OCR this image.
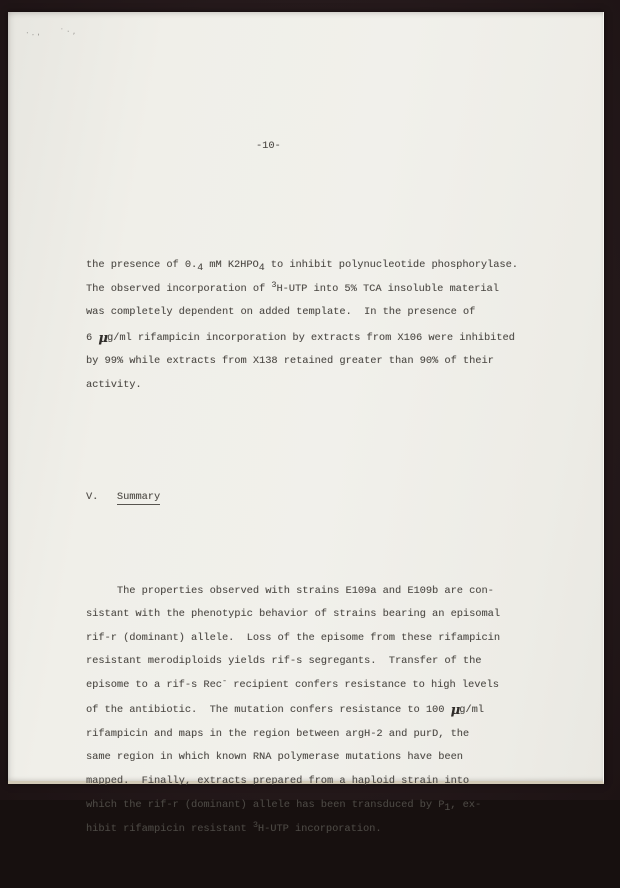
·.‚ ˙·,

-10-

the presence of 0.4 mM K2HPO4 to inhibit polynucleotide phosphorylase.
The observed incorporation of $^3$H-UTP into 5% TCA insoluble material
was completely dependent on added template.  In the presence of
6 μg/ml rifampicin incorporation by extracts from X106 were inhibited
by 99% while extracts from X138 retained greater than 90% of their
activity.

V.   Summary

The properties observed with strains E109a and E109b are con-
sistant with the phenotypic behavior of strains bearing an episomal
rif-r (dominant) allele.  Loss of the episome from these rifampicin
resistant merodiploids yields rif-s segregants.  Transfer of the
episome to a rif-s Rec- recipient confers resistance to high levels
of the antibiotic.  The mutation confers resistance to 100 μg/ml
rifampicin and maps in the region between argH-2 and purD, the
same region in which known RNA polymerase mutations have been
mapped.  Finally, extracts prepared from a haploid strain into
which the rif-r (dominant) allele has been transduced by P1, ex-
hibit rifampicin resistant $^3$H-UTP incorporation.
